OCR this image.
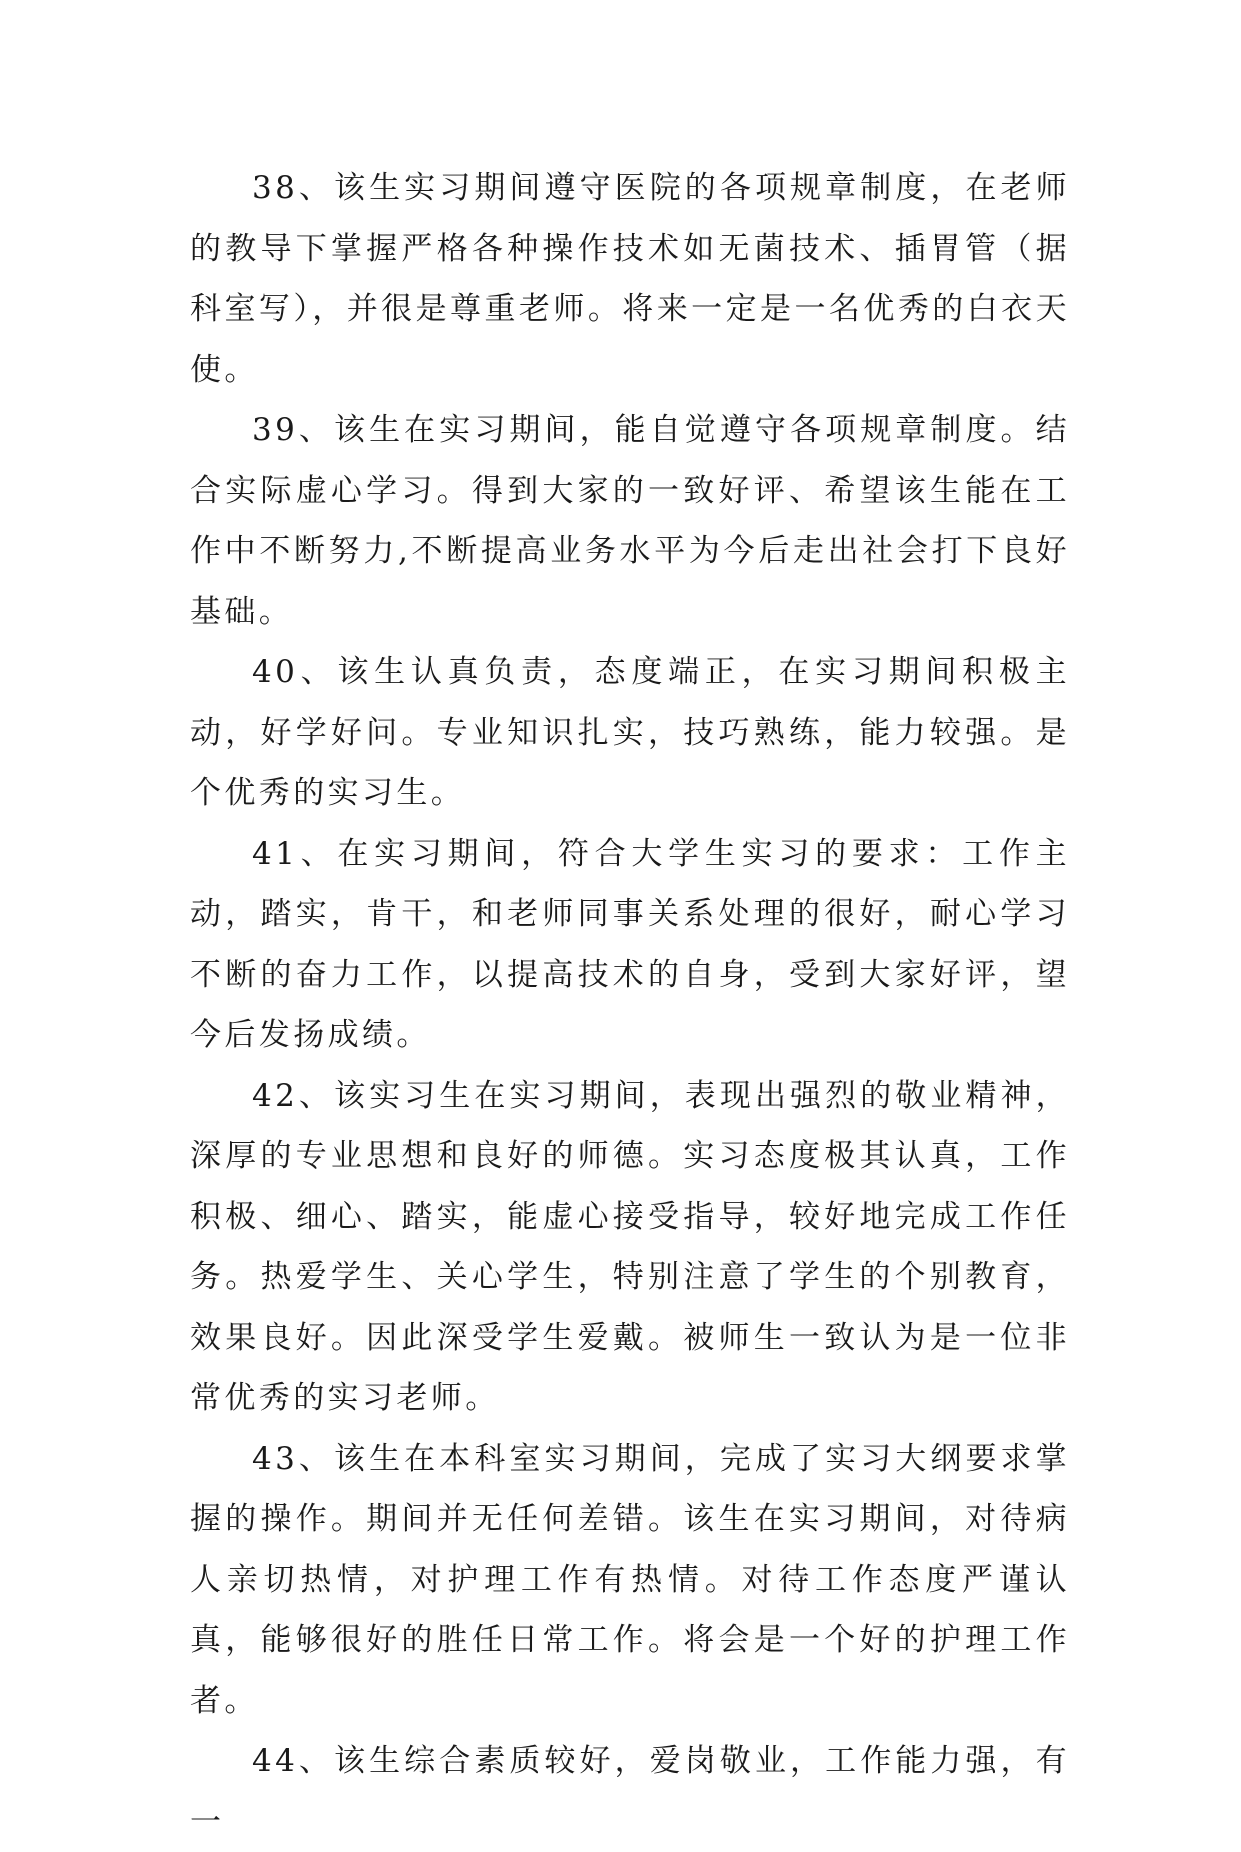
38、该生实习期间遵守医院的各项规章制度，在老师的教导下掌握严格各种操作技术如无菌技术、插胃管（据科室写），并很是尊重老师。将来一定是一名优秀的白衣天使。

39、该生在实习期间，能自觉遵守各项规章制度。结合实际虚心学习。得到大家的一致好评、希望该生能在工作中不断努力,不断提高业务水平为今后走出社会打下良好基础。

40、该生认真负责，态度端正，在实习期间积极主动，好学好问。专业知识扎实，技巧熟练，能力较强。是个优秀的实习生。

41、在实习期间，符合大学生实习的要求：工作主动，踏实，肯干，和老师同事关系处理的很好，耐心学习不断的奋力工作，以提高技术的自身，受到大家好评，望今后发扬成绩。

42、该实习生在实习期间，表现出强烈的敬业精神，深厚的专业思想和良好的师德。实习态度极其认真，工作积极、细心、踏实，能虚心接受指导，较好地完成工作任务。热爱学生、关心学生，特别注意了学生的个别教育，效果良好。因此深受学生爱戴。被师生一致认为是一位非常优秀的实习老师。

43、该生在本科室实习期间，完成了实习大纲要求掌握的操作。期间并无任何差错。该生在实习期间，对待病人亲切热情，对护理工作有热情。对待工作态度严谨认真，能够很好的胜任日常工作。将会是一个好的护理工作者。

44、该生综合素质较好，爱岗敬业，工作能力强，有一
